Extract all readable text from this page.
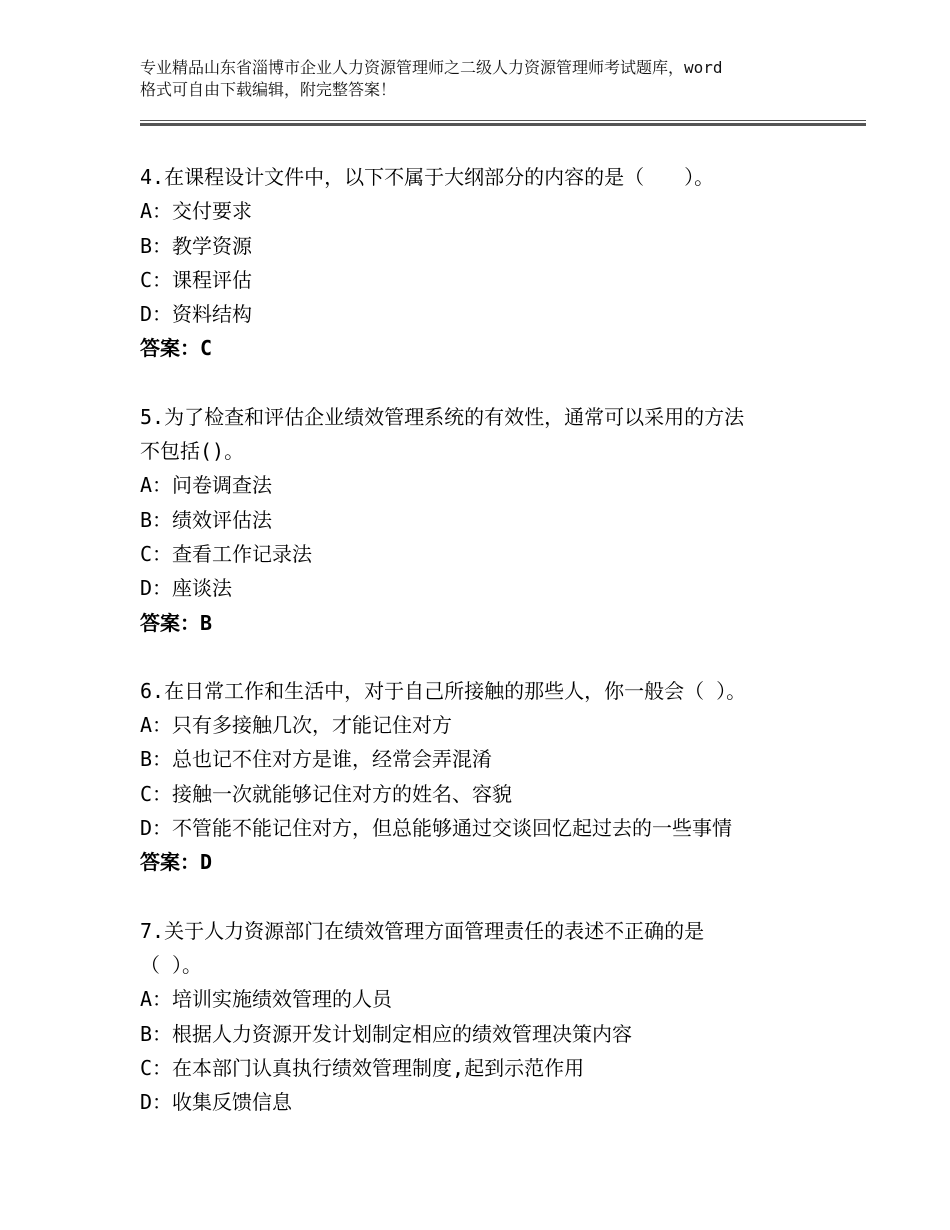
专业精品山东省淄博市企业人力资源管理师之二级人力资源管理师考试题库，word
格式可自由下载编辑，附完整答案！
4.在课程设计文件中，以下不属于大纲部分的内容的是（　　）。
A：交付要求
B：教学资源
C：课程评估
D：资料结构
答案：C
5.为了检查和评估企业绩效管理系统的有效性，通常可以采用的方法
不包括()。
A：问卷调查法
B：绩效评估法
C：查看工作记录法
D：座谈法
答案：B
6.在日常工作和生活中，对于自己所接触的那些人，你一般会（ ）。
A：只有多接触几次，才能记住对方
B：总也记不住对方是谁，经常会弄混淆
C：接触一次就能够记住对方的姓名、容貌
D：不管能不能记住对方，但总能够通过交谈回忆起过去的一些事情
答案：D
7.关于人力资源部门在绩效管理方面管理责任的表述不正确的是
（ ）。
A：培训实施绩效管理的人员
B：根据人力资源开发计划制定相应的绩效管理决策内容
C：在本部门认真执行绩效管理制度,起到示范作用
D：收集反馈信息
